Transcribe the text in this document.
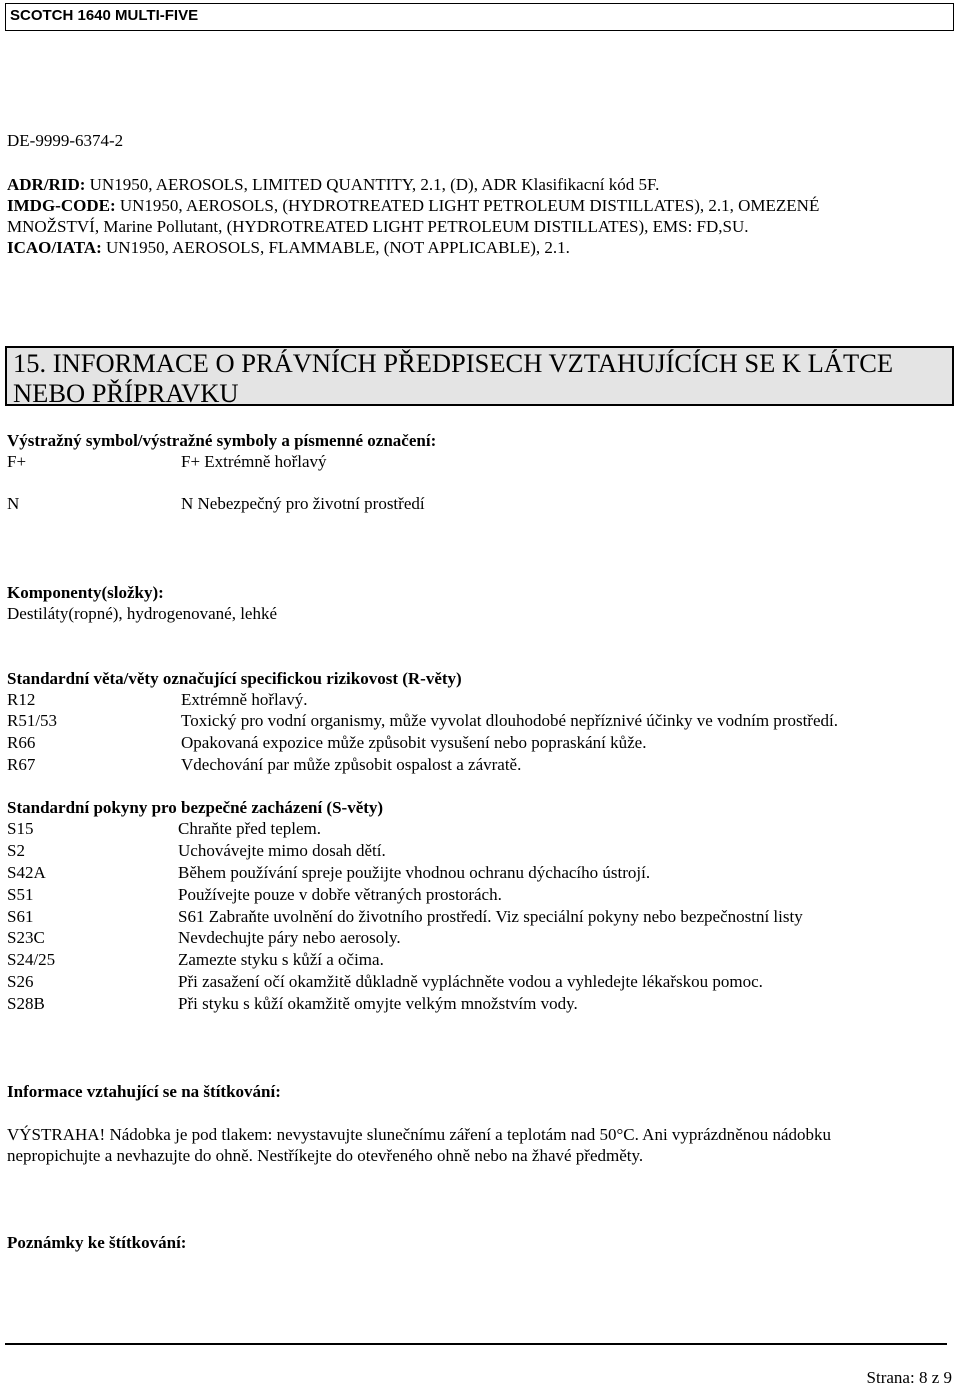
SCOTCH 1640 MULTI-FIVE
DE-9999-6374-2
ADR/RID: UN1950, AEROSOLS, LIMITED QUANTITY, 2.1, (D), ADR Klasifikacní kód 5F.
IMDG-CODE: UN1950, AEROSOLS, (HYDROTREATED LIGHT PETROLEUM DISTILLATES), 2.1, OMEZENÉ
MNOŽSTVÍ, Marine Pollutant, (HYDROTREATED LIGHT PETROLEUM DISTILLATES), EMS: FD,SU.
ICAO/IATA: UN1950, AEROSOLS, FLAMMABLE, (NOT APPLICABLE), 2.1.
15. INFORMACE O PRÁVNÍCH PŘEDPISECH VZTAHUJÍCÍCH SE K LÁTCE NEBO PŘÍPRAVKU
Výstražný symbol/výstražné symboly a písmenné označení:
F+	F+ Extrémně hořlavý
N	N Nebezpečný pro životní prostředí
Komponenty(složky):
Destiláty(ropné), hydrogenované, lehké
Standardní věta/věty označující specifickou rizikovost (R-věty)
R12	Extrémně hořlavý.
R51/53	Toxický pro vodní organismy, může vyvolat dlouhodobé nepříznivé účinky ve vodním prostředí.
R66	Opakovaná expozice může způsobit vysušení nebo popraskání kůže.
R67	Vdechování par může způsobit ospalost a závratě.
Standardní pokyny pro bezpečné zacházení (S-věty)
S15	Chraňte před teplem.
S2	Uchovávejte mimo dosah dětí.
S42A	Během používání spreje použijte vhodnou ochranu dýchacího ústrojí.
S51	Používejte pouze v dobře větraných prostorách.
S61	S61 Zabraňte uvolnění do životního prostředí. Viz speciální pokyny nebo bezpečnostní listy
S23C	Nevdechujte páry nebo aerosoly.
S24/25	Zamezte styku s kůží a očima.
S26	Při zasažení očí okamžitě důkladně vypláchněte vodou a vyhledejte lékařskou pomoc.
S28B	Při styku s kůží okamžitě omyjte velkým množstvím vody.
Informace vztahující se na štítkování:
VÝSTRAHA! Nádobka je pod tlakem: nevystavujte slunečnímu záření a teplotám nad 50°C. Ani vyprázdněnou nádobku
nepropichujte a nevhazujte do ohně. Nestříkejte do otevřeného ohně nebo na žhavé předměty.
Poznámky ke štítkování:
Strana: 8 z 9
